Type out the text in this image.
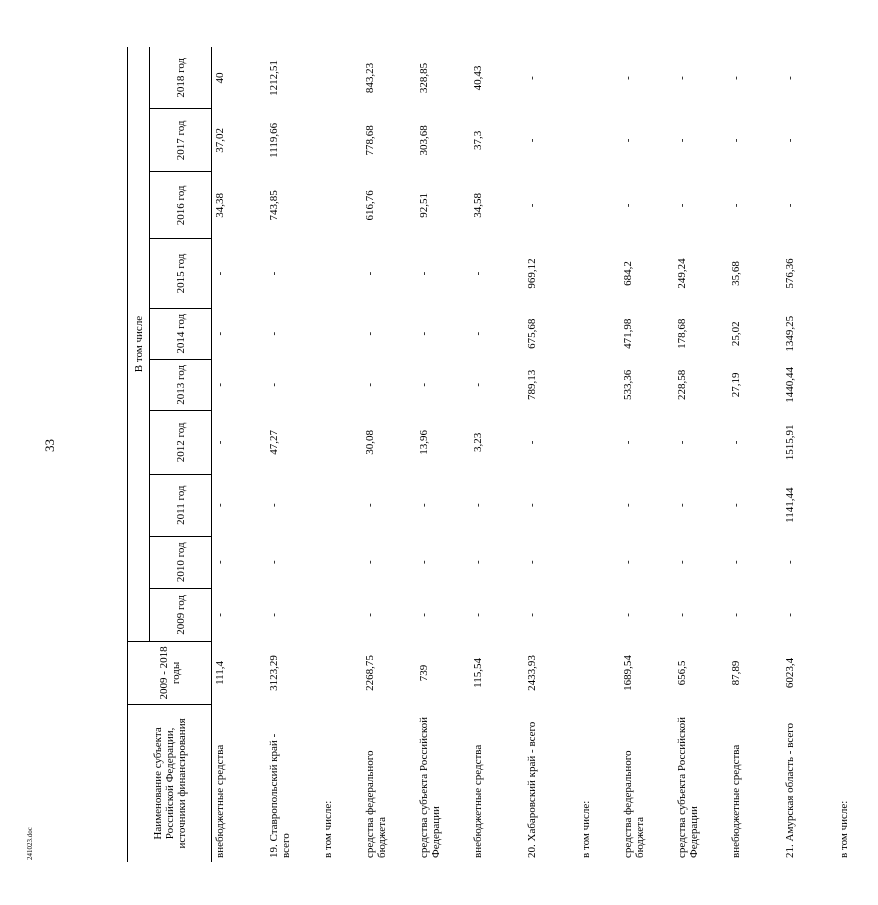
33
241023.doc
Наименование субъекта Российской Федерации, источники финансирования	2009 - 2018 годы	В том числе									
		2009 год	2010 год	2011 год	2012 год	2013 год	2014 год	2015 год	2016 год	2017 год	2018 год
внебюджетные средства	111,4	-	-	-	-	-	-	-	34,38	37,02	40
19. Ставропольский край - всего	3123,29	-	-	-	47,27	-	-	-	743,85	1119,66	1212,51
в том числе:											
средства федерального бюджета	2268,75	-	-	-	30,08	-	-	-	616,76	778,68	843,23
средства субъекта Российской Федерации	739	-	-	-	13,96	-	-	-	92,51	303,68	328,85
внебюджетные средства	115,54	-	-	-	3,23	-	-	-	34,58	37,3	40,43
20. Хабаровский край - всего	2433,93	-	-	-	-	789,13	675,68	969,12	-	-	-
в том числе:											
средства федерального бюджета	1689,54	-	-	-	-	533,36	471,98	684,2	-	-	-
средства субъекта Российской Федерации	656,5	-	-	-	-	228,58	178,68	249,24	-	-	-
внебюджетные средства	87,89	-	-	-	-	27,19	25,02	35,68	-	-	-
21. Амурская область - всего	6023,4	-	-	1141,44	1515,91	1440,44	1349,25	576,36	-	-	-
в том числе:											
